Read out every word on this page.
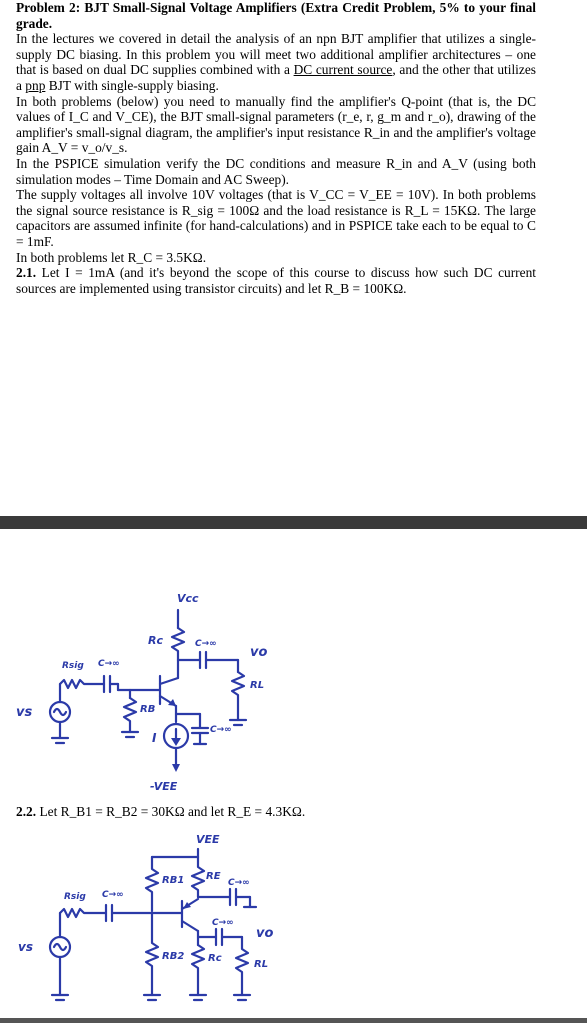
Problem 2: BJT Small-Signal Voltage Amplifiers (Extra Credit Problem, 5% to your final grade.

In the lectures we covered in detail the analysis of an npn BJT amplifier that utilizes a single-supply DC biasing. In this problem you will meet two additional amplifier architectures – one that is based on dual DC supplies combined with a DC current source, and the other that utilizes a pnp BJT with single-supply biasing.

In both problems (below) you need to manually find the amplifier's Q-point (that is, the DC values of I_C and V_CE), the BJT small-signal parameters (r_e, r, g_m and r_o), drawing of the amplifier's small-signal diagram, the amplifier's input resistance R_in and the amplifier's voltage gain A_V = v_o/v_s.

In the PSPICE simulation verify the DC conditions and measure R_in and A_V (using both simulation modes – Time Domain and AC Sweep).

The supply voltages all involve 10V voltages (that is V_CC = V_EE = 10V). In both problems the signal source resistance is R_sig = 100Ω and the load resistance is R_L = 15KΩ. The large capacitors are assumed infinite (for hand-calculations) and in PSPICE take each to be equal to C = 1mF.

In both problems let R_C = 3.5KΩ.

2.1. Let I = 1mA (and it's beyond the scope of this course to discuss how such DC current sources are implemented using transistor circuits) and let R_B = 100KΩ.

Vcc
Rc	C→∞
vo
RL
Rsig C→∞
vs	RB
I
-VEE
C→∞
2.2. Let R_B1 = R_B2 = 30KΩ and let R_E = 4.3KΩ.
VEE
RB1 RE
C→∞
Rsig C→∞
vs
RB2
C→∞
vo
Rc
RL
